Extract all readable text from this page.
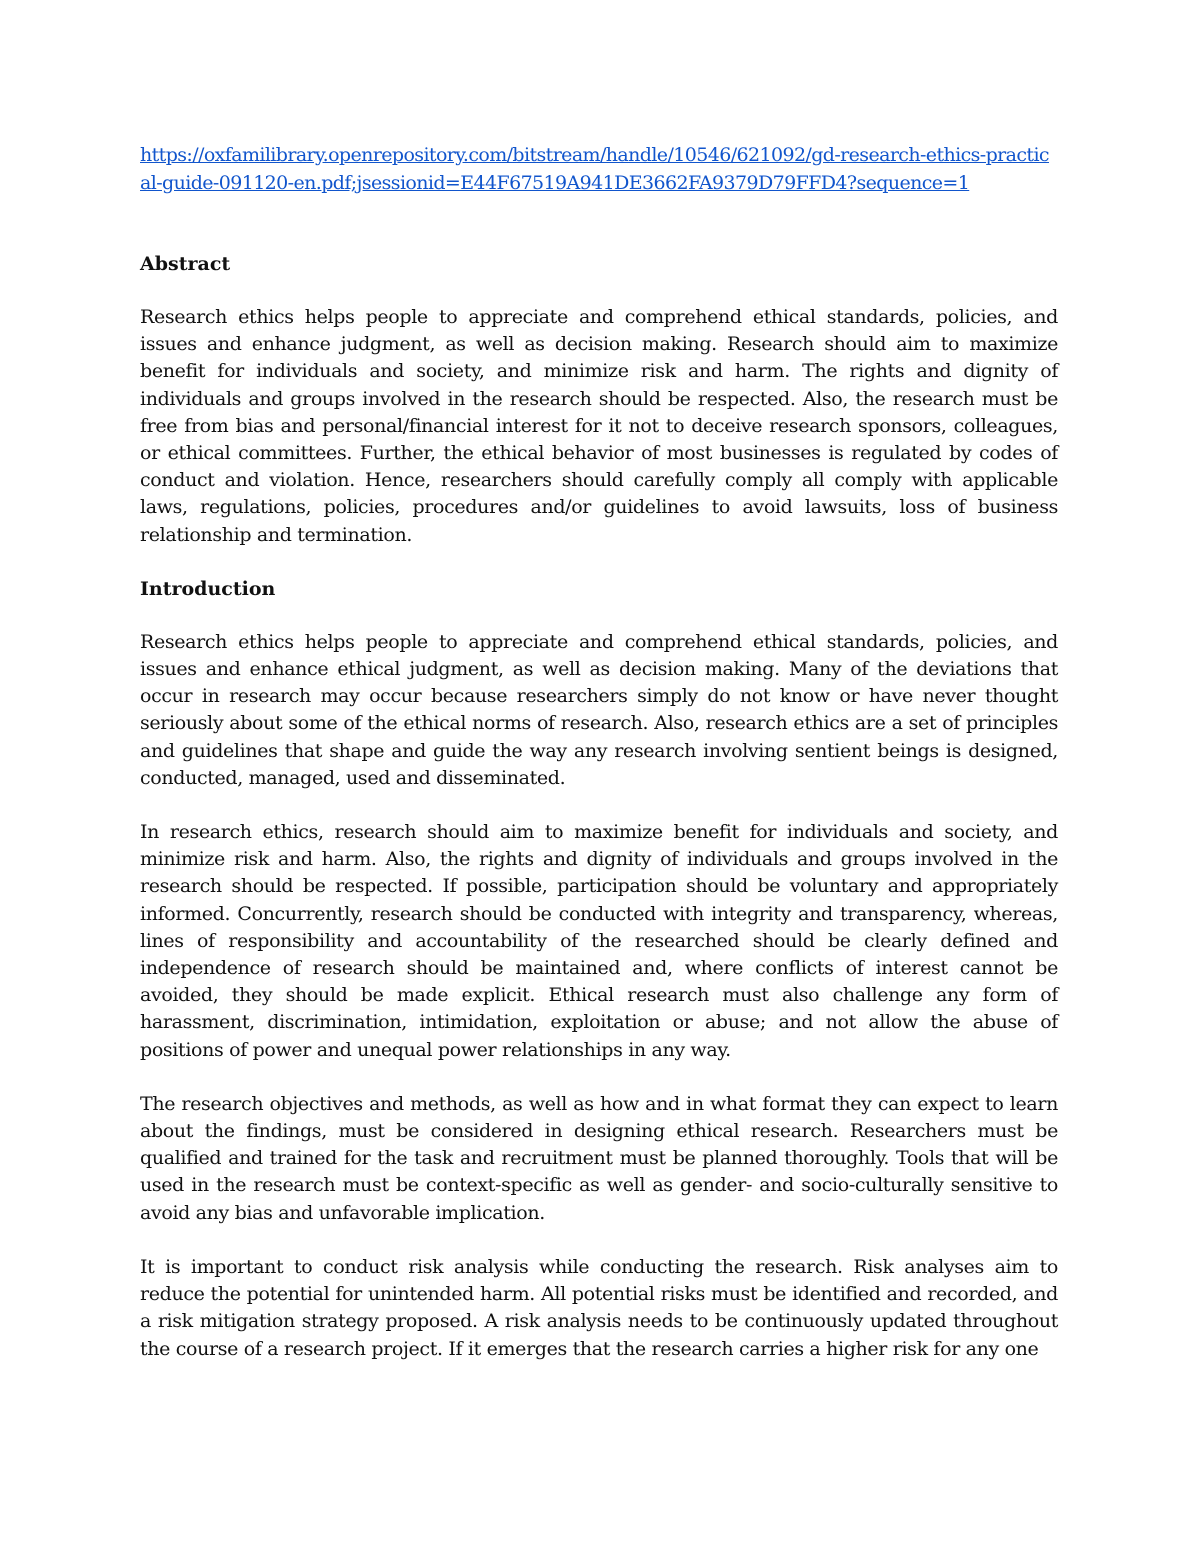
https://oxfamilibrary.openrepository.com/bitstream/handle/10546/621092/gd-research-ethics-practical-guide-091120-en.pdf;jsessionid=E44F67519A941DE3662FA9379D79FFD4?sequence=1
Abstract

Research ethics helps people to appreciate and comprehend ethical standards, policies, and issues and enhance judgment, as well as decision making. Research should aim to maximize benefit for individuals and society, and minimize risk and harm. The rights and dignity of individuals and groups involved in the research should be respected. Also, the research must be free from bias and personal/financial interest for it not to deceive research sponsors, colleagues, or ethical committees. Further, the ethical behavior of most businesses is regulated by codes of conduct and violation. Hence, researchers should carefully comply all comply with applicable laws, regulations, policies, procedures and/or guidelines to avoid lawsuits, loss of business relationship and termination.

Introduction

Research ethics helps people to appreciate and comprehend ethical standards, policies, and issues and enhance ethical judgment, as well as decision making. Many of the deviations that occur in research may occur because researchers simply do not know or have never thought seriously about some of the ethical norms of research. Also, research ethics are a set of principles and guidelines that shape and guide the way any research involving sentient beings is designed, conducted, managed, used and disseminated.

In research ethics, research should aim to maximize benefit for individuals and society, and minimize risk and harm. Also, the rights and dignity of individuals and groups involved in the research should be respected. If possible, participation should be voluntary and appropriately informed. Concurrently, research should be conducted with integrity and transparency, whereas, lines of responsibility and accountability of the researched should be clearly defined and independence of research should be maintained and, where conflicts of interest cannot be avoided, they should be made explicit. Ethical research must also challenge any form of harassment, discrimination, intimidation, exploitation or abuse; and not allow the abuse of positions of power and unequal power relationships in any way.

The research objectives and methods, as well as how and in what format they can expect to learn about the findings, must be considered in designing ethical research. Researchers must be qualified and trained for the task and recruitment must be planned thoroughly. Tools that will be used in the research must be context-specific as well as gender- and socio-culturally sensitive to avoid any bias and unfavorable implication.

It is important to conduct risk analysis while conducting the research. Risk analyses aim to reduce the potential for unintended harm. All potential risks must be identified and recorded, and a risk mitigation strategy proposed. A risk analysis needs to be continuously updated throughout the course of a research project. If it emerges that the research carries a higher risk for any one
